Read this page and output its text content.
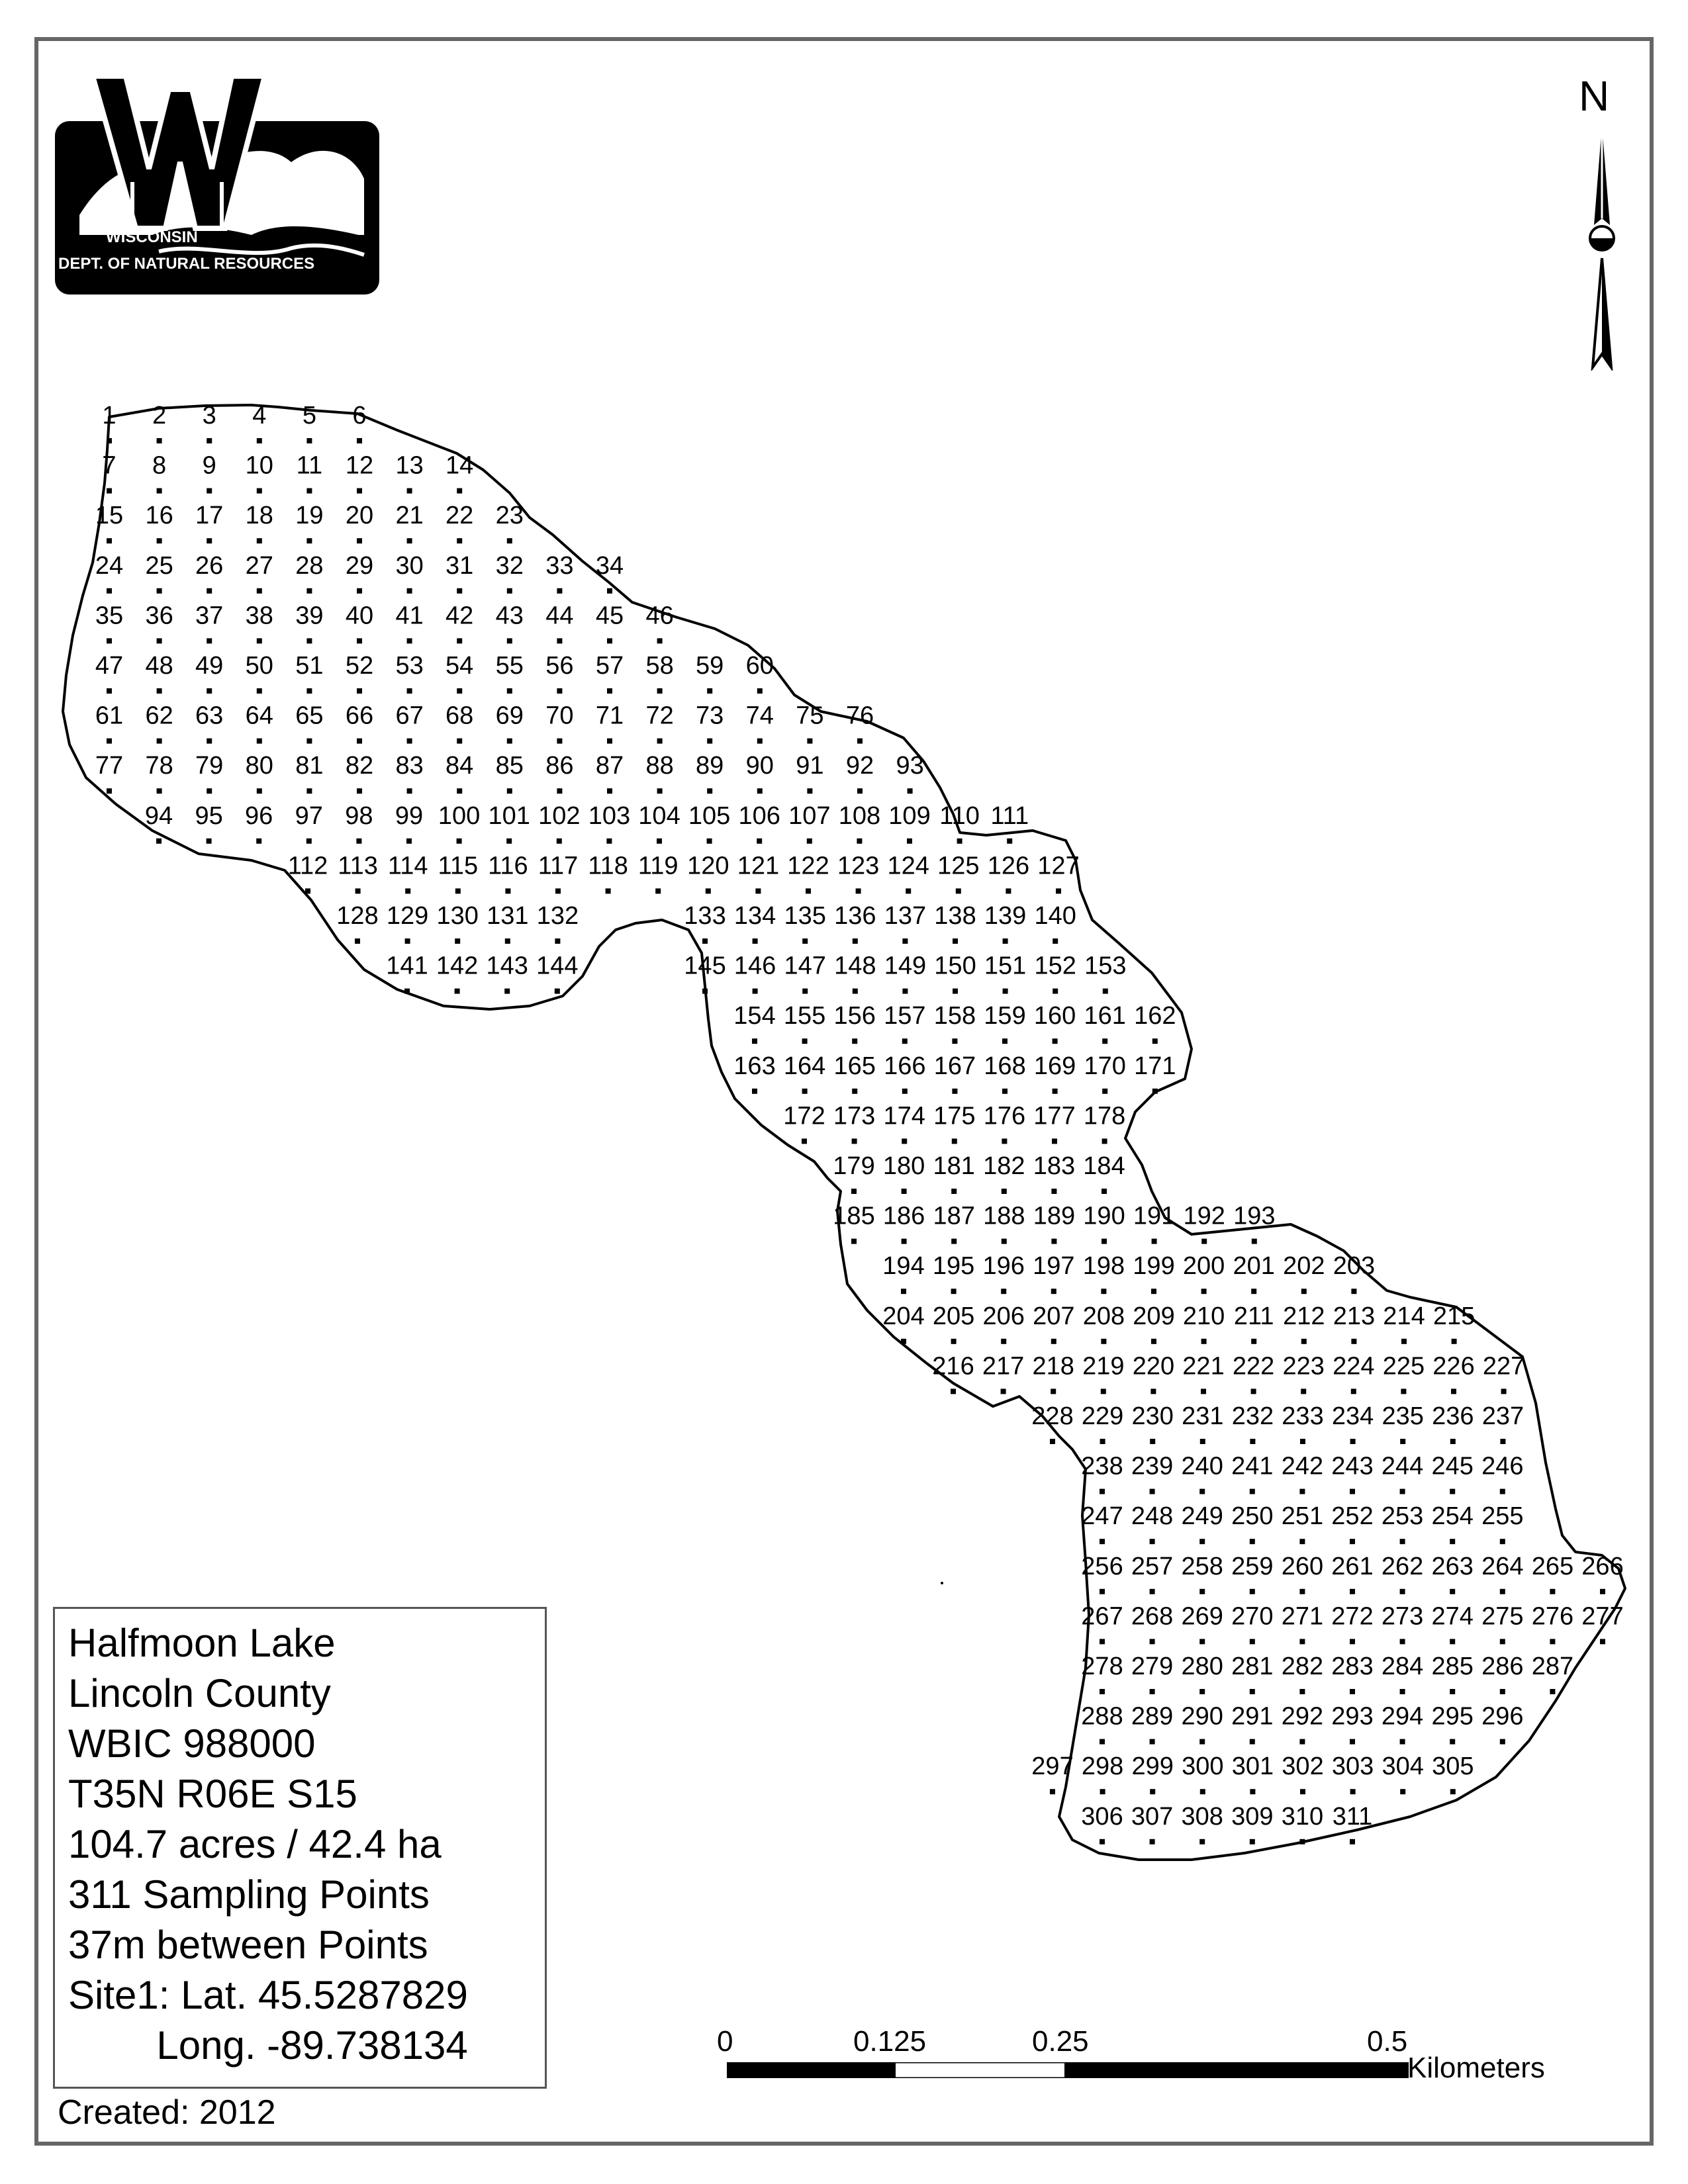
1 2 3 4 5 6
7 8 9 10 11 12 13 14
15 16 17 18 19 20 21 22 23
24 25 26 27 28 29 30 31 32 33 34
35 36 37 38 39 40 41 42 43 44 45 46
47 48 49 50 51 52 53 54 55 56 57 58 59 60
61 62 63 64 65 66 67 68 69 70 71 72 73 74 75 76
77 78 79 80 81 82 83 84 85 86 87 88 89 90 91 92 93
94 95 96 97 98 99 100 101 102 103 104 105 106 107 108 109 110 111
112 113 114 115 116 117 118 119 120 121 122 123 124 125 126 127
128 129 130 131 132	133 134 135 136 137 138 139 140
141 142 143 144	145 146 147 148 149 150 151 152 153
154 155 156 157 158 159 160 161 162
163 164 165 166 167 168 169 170 171
172 173 174 175 176 177 178
179 180 181 182 183 184
185 186 187 188 189 190 191 192 193
194 195 196 197 198 199 200 201 202 203
204 205 206 207 208 209 210 211 212 213 214 215
216 217 218 219 220 221 222 223 224 225 226 227
228 229 230 231 232 233 234 235 236 237
238 239 240 241 242 243 244 245 246
247 248 249 250 251 252 253 254 255
256 257 258 259 260 261 262 263 264 265 266
267 268 269 270 271 272 273 274 275 276 277
278 279 280 281 282 283 284 285 286 287
288 289 290 291 292 293 294 295 296
297 298 299 300 301 302 303 304 305
306 307 308 309 310 311
WISCONSIN
DEPT. OF NATURAL RESOURCES
N
Halfmoon Lake
Lincoln County
WBIC 988000
T35N R06E S15
104.7 acres / 42.4 ha
311 Sampling Points
37m between Points
Site1: Lat. 45.5287829
Long. -89.738134
Created: 2012
0	0.125	0.25	0.5
Kilometers
